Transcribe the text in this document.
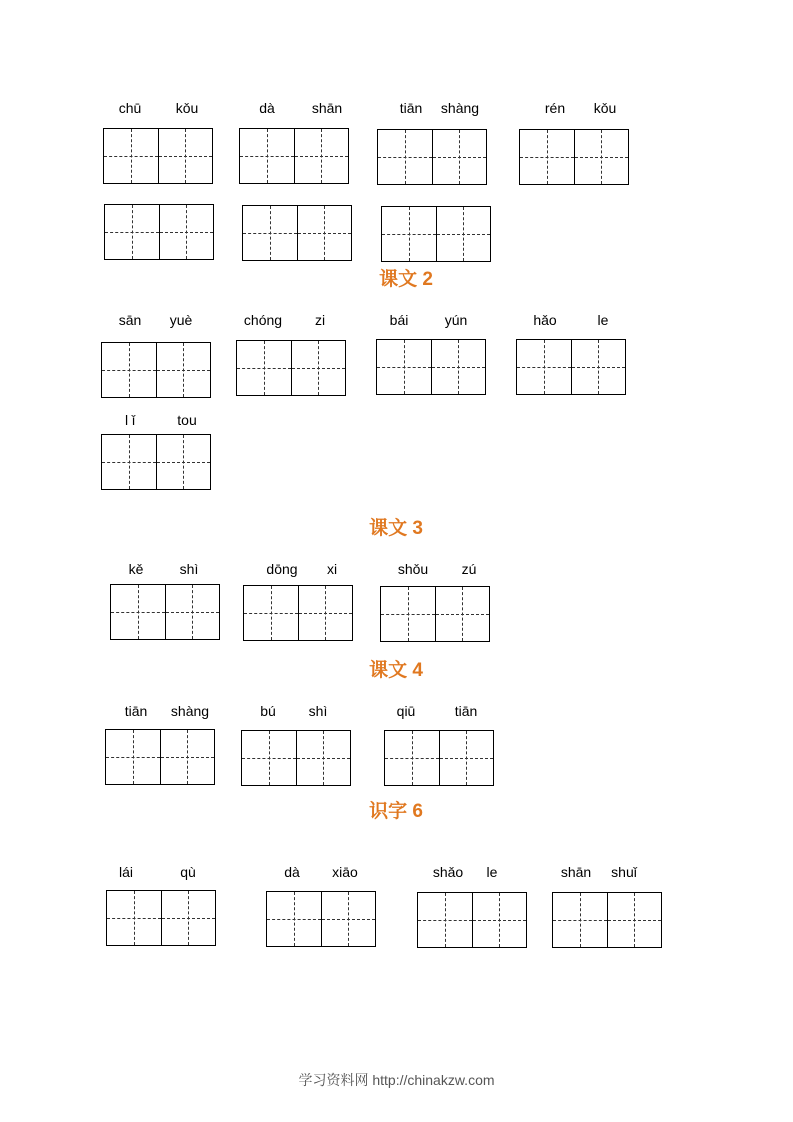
chū kǒu	dà	shān	tiān shàng	rén kǒu
课文 2
sān yuè	chóng zi	bái	yún	hǎo	le
l ǐ	tou
课文 3
kě	shì	dōng xi	shǒu zú
课文 4
tiān shàng	bú shì	qiū	tiān
识字 6
lái	qù	dà xiāo	shǎo le	shān shuǐ
学习资料网 http://chinakzw.com
